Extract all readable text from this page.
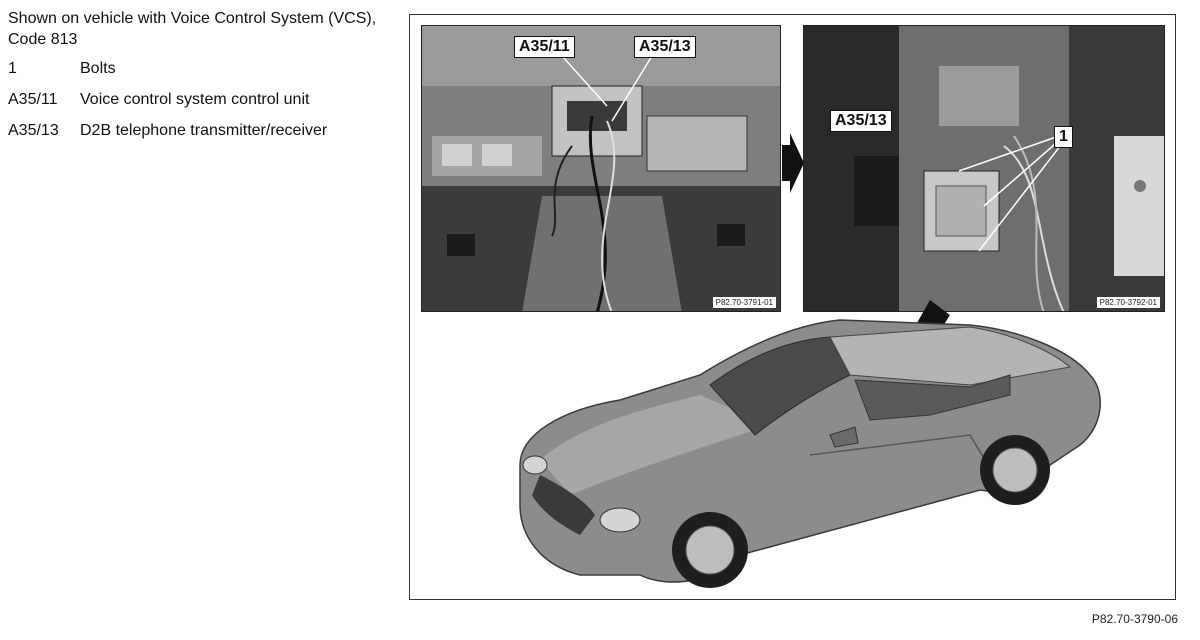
Shown on vehicle with Voice Control System (VCS), Code 813
1	Bolts
A35/11	Voice control system control unit
A35/13	D2B telephone transmitter/receiver
A35/11	A35/13
P82.70-3791-01
A35/13
1
P82.70-3792-01
P82.70-3790-06
